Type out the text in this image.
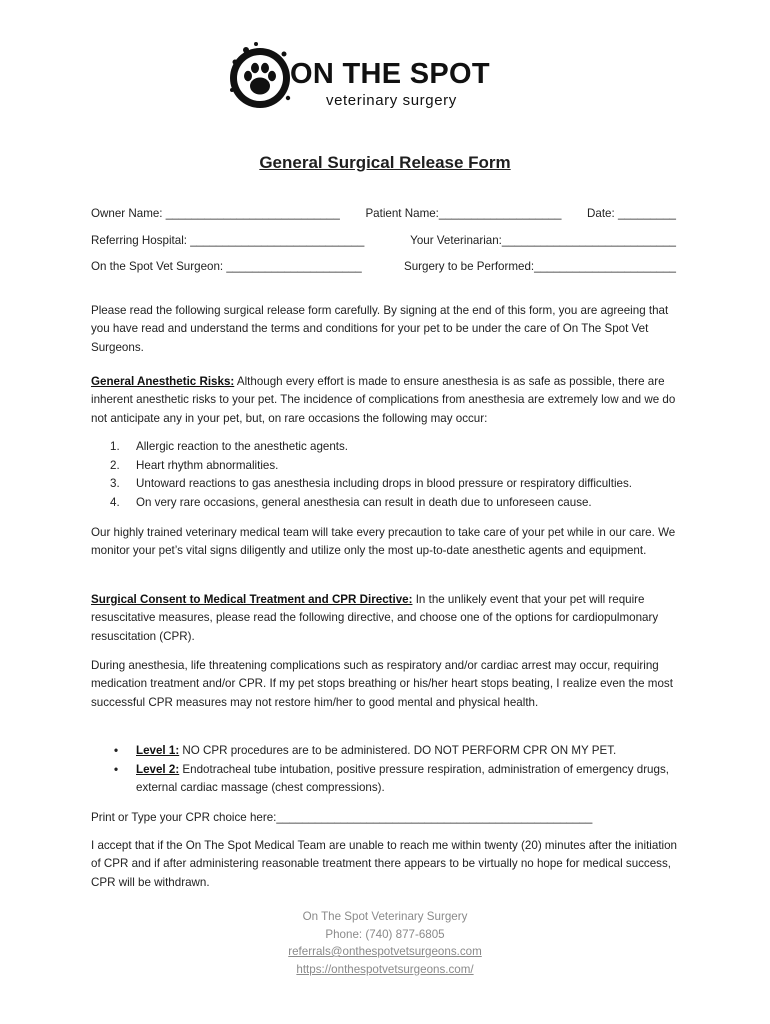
ON THE SPOT
veterinary surgery
General Surgical Release Form
Owner Name: ___________________________ Patient Name:___________________ Date: _________
Referring Hospital: ___________________________	Your Veterinarian:___________________________
On the Spot Vet Surgeon: _____________________	Surgery to be Performed:______________________
Please read the following surgical release form carefully. By signing at the end of this form, you are agreeing that you have read and understand the terms and conditions for your pet to be under the care of On The Spot Vet Surgeons.
General Anesthetic Risks: Although every effort is made to ensure anesthesia is as safe as possible, there are inherent anesthetic risks to your pet. The incidence of complications from anesthesia are extremely low and we do not anticipate any in your pet, but, on rare occasions the following may occur:
1. Allergic reaction to the anesthetic agents.
2. Heart rhythm abnormalities.
3. Untoward reactions to gas anesthesia including drops in blood pressure or respiratory difficulties.
4. On very rare occasions, general anesthesia can result in death due to unforeseen cause.
Our highly trained veterinary medical team will take every precaution to take care of your pet while in our care. We monitor your pet’s vital signs diligently and utilize only the most up-to-date anesthetic agents and equipment.
Surgical Consent to Medical Treatment and CPR Directive: In the unlikely event that your pet will require resuscitative measures, please read the following directive, and choose one of the options for cardiopulmonary resuscitation (CPR).
During anesthesia, life threatening complications such as respiratory and/or cardiac arrest may occur, requiring medication treatment and/or CPR. If my pet stops breathing or his/her heart stops beating, I realize even the most successful CPR measures may not restore him/her to good mental and physical health.
• Level 1: NO CPR procedures are to be administered. DO NOT PERFORM CPR ON MY PET.
• Level 2: Endotracheal tube intubation, positive pressure respiration, administration of emergency drugs, external cardiac massage (chest compressions).
Print or Type your CPR choice here:_________________________________________________
I accept that if the On The Spot Medical Team are unable to reach me within twenty (20) minutes after the initiation of CPR and if after administering reasonable treatment there appears to be virtually no hope for medical success, CPR will be withdrawn.
On The Spot Veterinary Surgery
Phone: (740) 877-6805
referrals@onthespotvetsurgeons.com
https://onthespotvetsurgeons.com/
